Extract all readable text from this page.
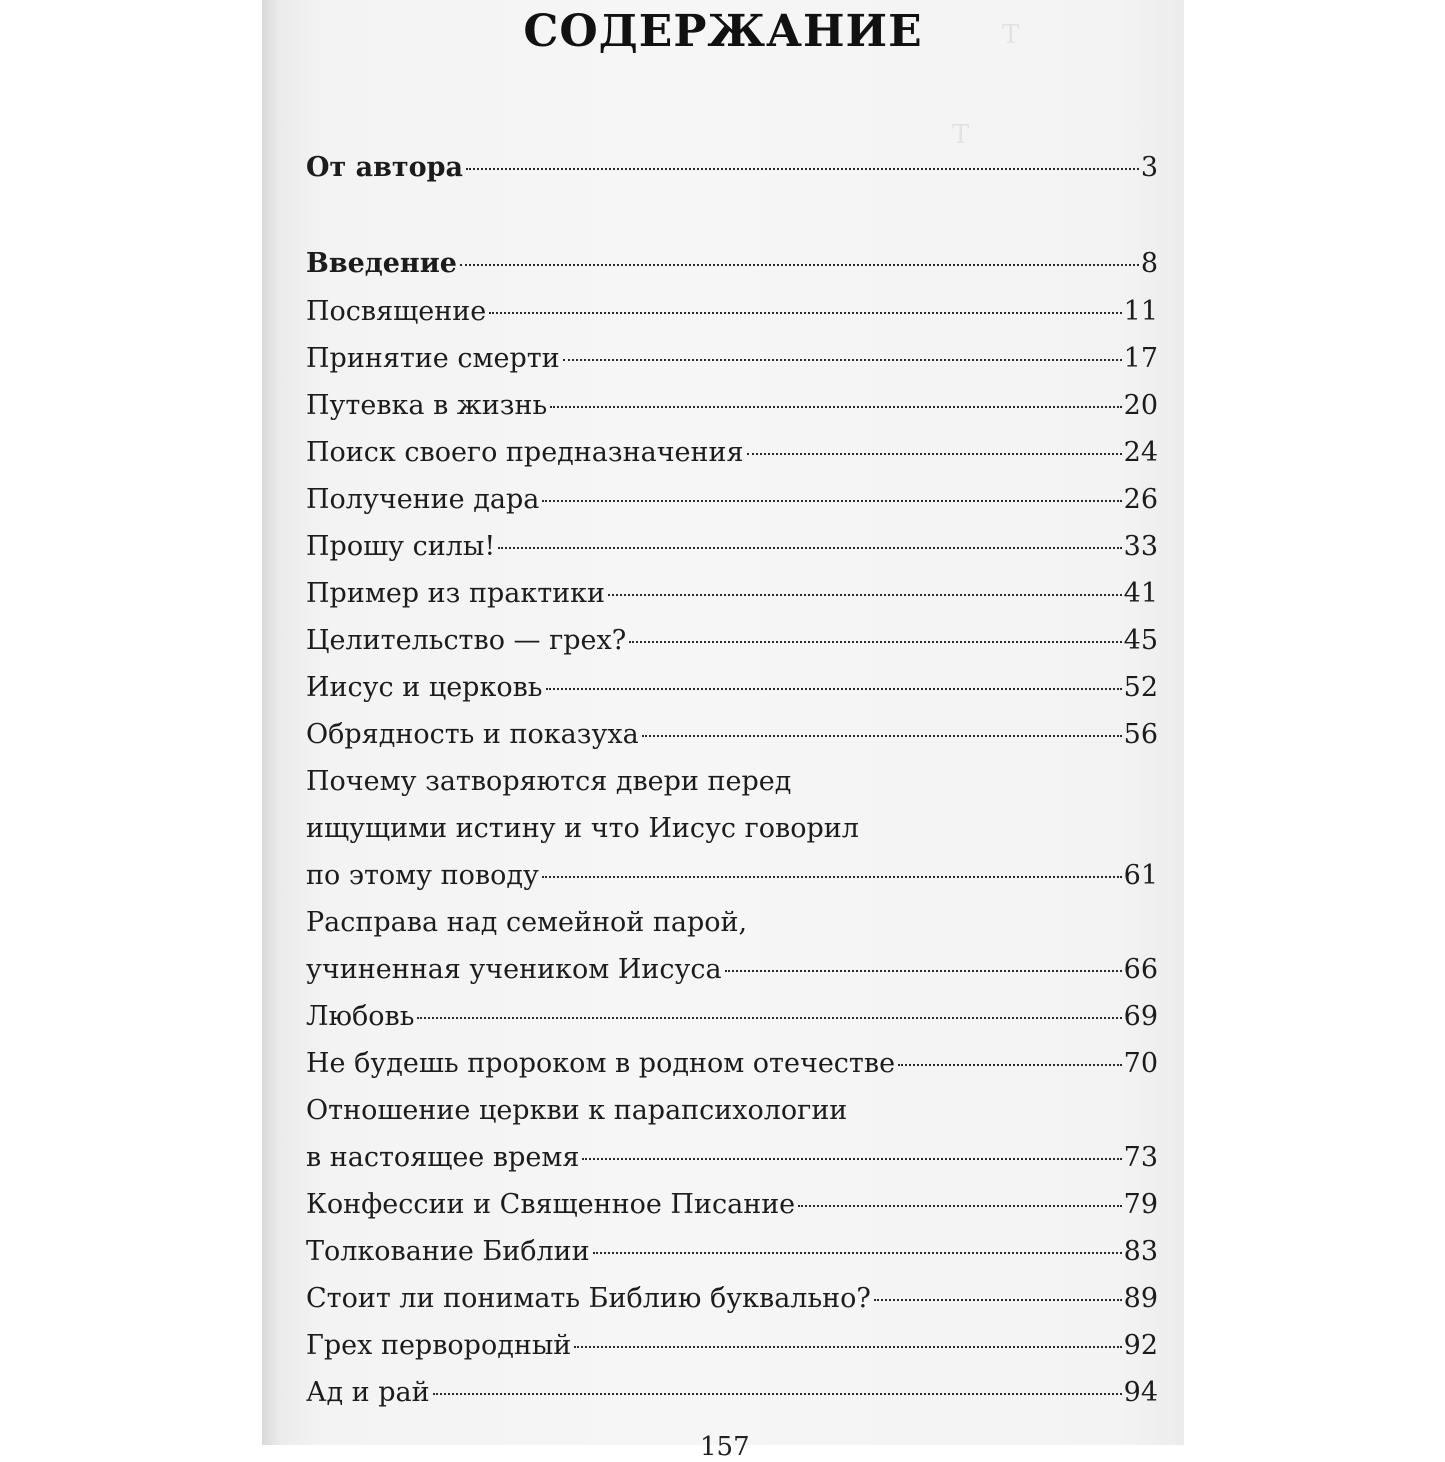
Т
Т
СОДЕРЖАНИЕ
От автора	3
Введение	8
Посвящение	11
Принятие смерти	17
Путевка в жизнь	20
Поиск своего предназначения	24
Получение дара	26
Прошу силы!	33
Пример из практики	41
Целительство — грех?	45
Иисус и церковь	52
Обрядность и показуха	56
Почему затворяются двери перед
ищущими истину и что Иисус говорил
по этому поводу	61
Расправа над семейной парой,
учиненная учеником Иисуса	66
Любовь	69
Не будешь пророком в родном отечестве	70
Отношение церкви к парапсихологии
в настоящее время	73
Конфессии и Священное Писание	79
Толкование Библии	83
Стоит ли понимать Библию буквально?	89
Грех первородный	92
Ад и рай	94
157
